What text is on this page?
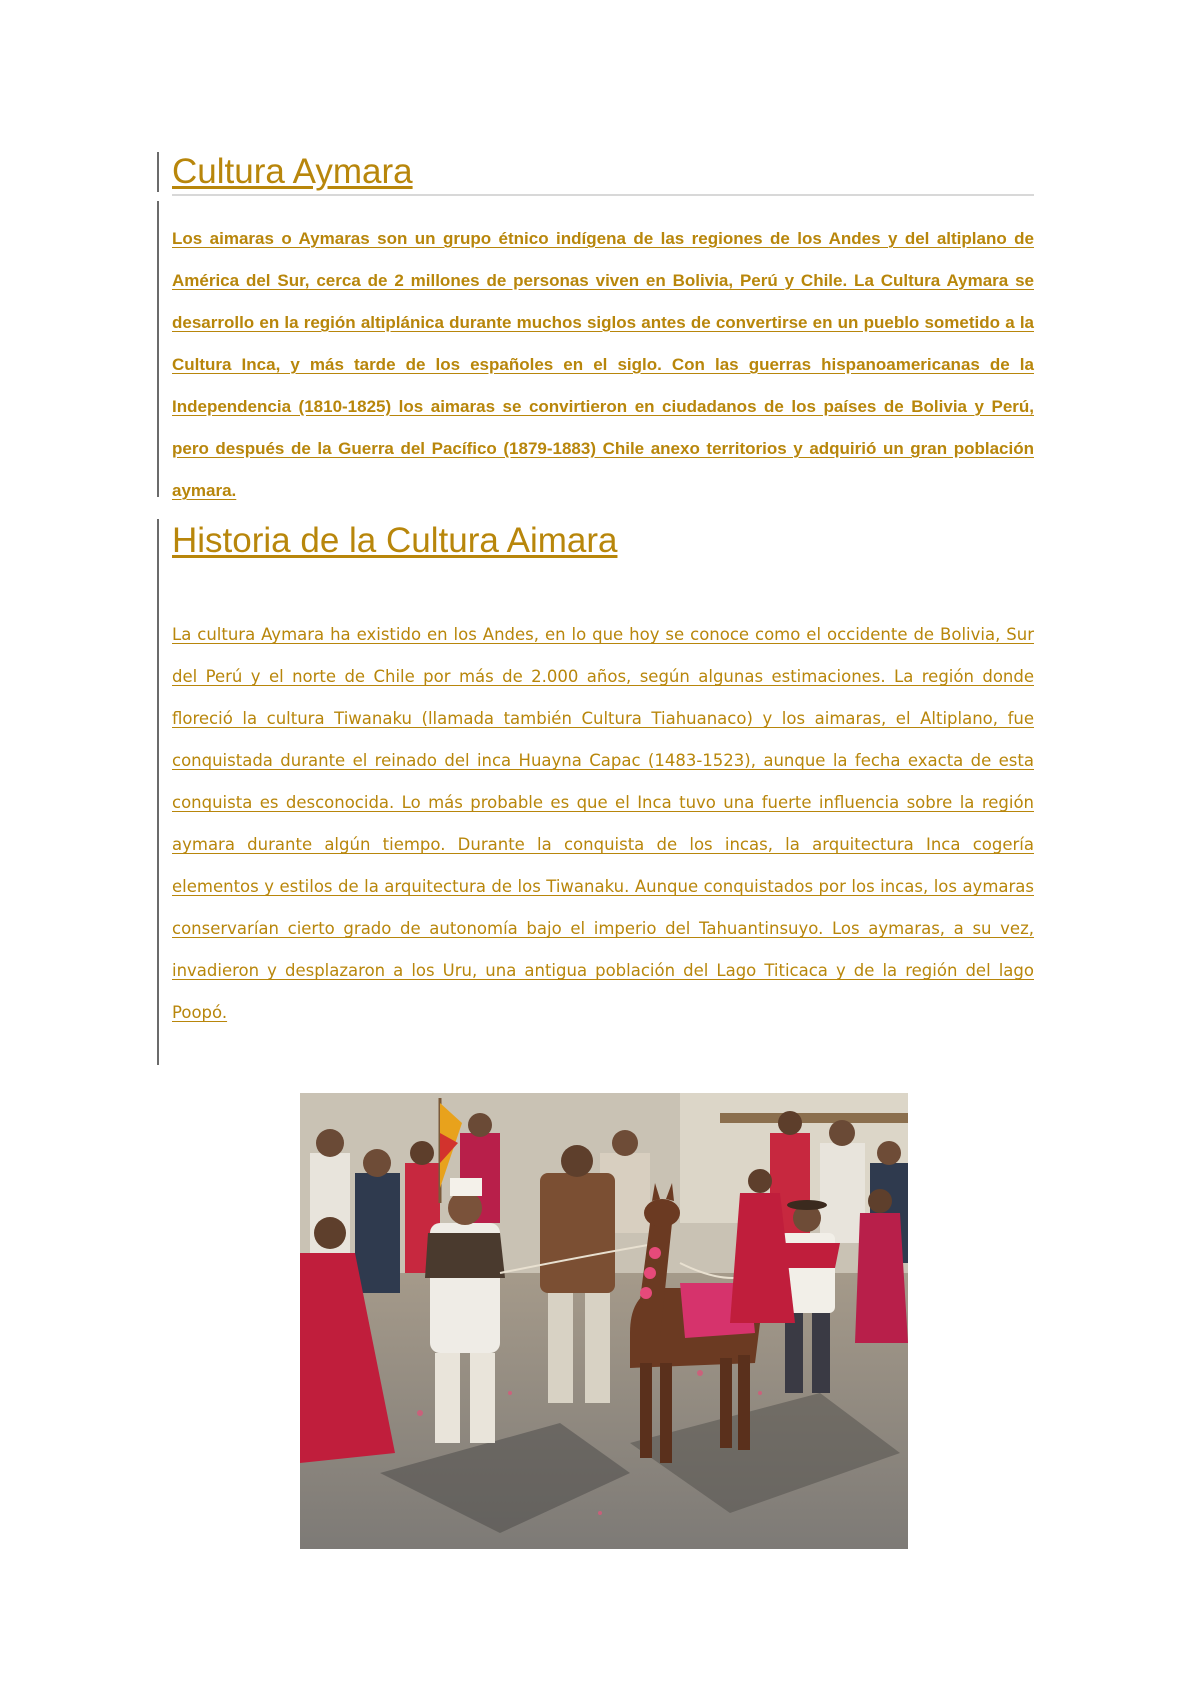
Cultura Aymara

Los aimaras o Aymaras son un grupo étnico indígena de las regiones de los Andes y del altiplano de América del Sur, cerca de 2 millones de personas viven en Bolivia, Perú y Chile. La Cultura Aymara se desarrollo en la región altiplánica durante muchos siglos antes de convertirse en un pueblo sometido a la Cultura Inca, y más tarde de los españoles en el siglo. Con las guerras hispanoamericanas de la Independencia (1810-1825) los aimaras se convirtieron en ciudadanos de los países de Bolivia y Perú, pero después de la Guerra del Pacífico (1879-1883) Chile anexo territorios y adquirió un gran población aymara.

Historia de la Cultura Aimara

La cultura Aymara ha existido en los Andes, en lo que hoy se conoce como el occidente de Bolivia, Sur del Perú y el norte de Chile por más de 2.000 años, según algunas estimaciones. La región donde floreció la cultura Tiwanaku (llamada también Cultura Tiahuanaco) y los aimaras, el Altiplano, fue conquistada durante el reinado del inca Huayna Capac (1483-1523), aunque la fecha exacta de esta conquista es desconocida. Lo más probable es que el Inca tuvo una fuerte influencia sobre la región aymara durante algún tiempo. Durante la conquista de los incas, la arquitectura Inca cogería elementos y estilos de la arquitectura de los Tiwanaku. Aunque conquistados por los incas, los aymaras conservarían cierto grado de autonomía bajo el imperio del Tahuantinsuyo. Los aymaras, a su vez, invadieron y desplazaron a los Uru, una antigua población del Lago Titicaca y de la región del lago Poopó.
